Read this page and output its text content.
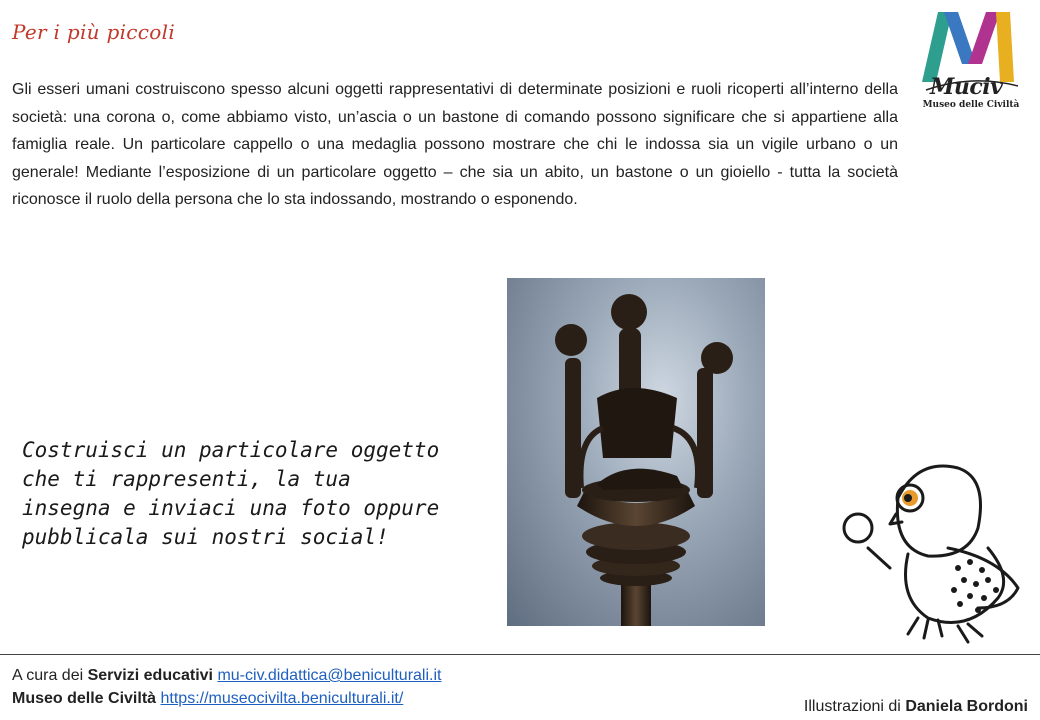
Per i più piccoli
Muciv
Museo delle Civiltà

Gli esseri umani costruiscono spesso alcuni oggetti rappresentativi di determinate posizioni e ruoli ricoperti all’interno della società: una corona o, come abbiamo visto, un’ascia o un bastone di comando possono significare che si appartiene alla famiglia reale. Un particolare cappello o una medaglia possono mostrare che chi le indossa sia un vigile urbano o un generale! Mediante l’esposizione di un particolare oggetto – che sia un abito, un bastone o un gioiello - tutta la società riconosce il ruolo della persona che lo sta indossando, mostrando o esponendo.

Costruisci un particolare oggetto che ti rappresenti, la tua insegna e inviaci una foto oppure pubblicala sui nostri social!

A cura dei Servizi educativi mu-civ.didattica@beniculturali.it
Museo delle Civiltà https://museocivilta.beniculturali.it/	Illustrazioni di Daniela Bordoni
